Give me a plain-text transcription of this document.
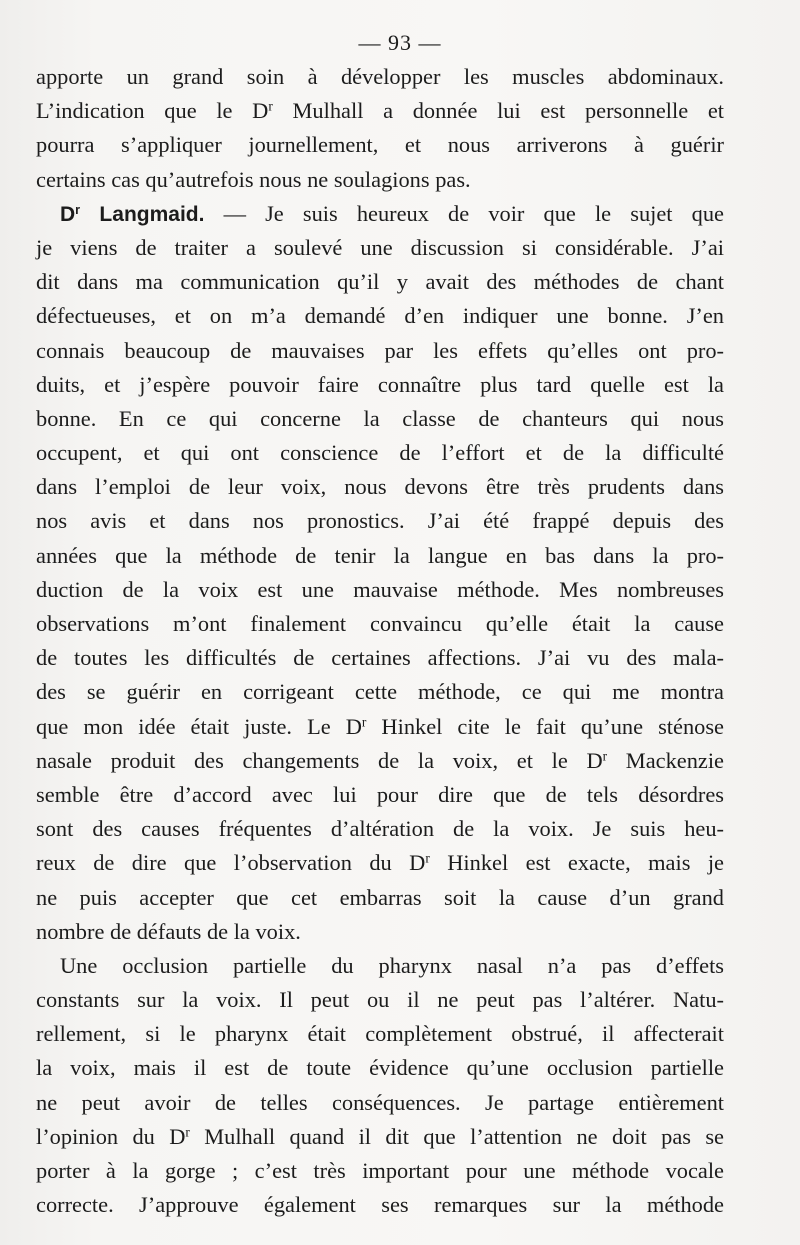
— 93 —
apporte un grand soin à développer les muscles abdominaux.
L’indication que le $D^r$ Mulhall a donnée lui est personnelle et
pourra s’appliquer journellement, et nous arriverons à guérir
certains cas qu’autrefois nous ne soulagions pas.
$D^r$ Langmaid. — Je suis heureux de voir que le sujet que
je viens de traiter a soulevé une discussion si considérable. J’ai
dit dans ma communication qu’il y avait des méthodes de chant
défectueuses, et on m’a demandé d’en indiquer une bonne. J’en
connais beaucoup de mauvaises par les effets qu’elles ont pro-
duits, et j’espère pouvoir faire connaître plus tard quelle est la
bonne. En ce qui concerne la classe de chanteurs qui nous
occupent, et qui ont conscience de l’effort et de la difficulté
dans l’emploi de leur voix, nous devons être très prudents dans
nos avis et dans nos pronostics. J’ai été frappé depuis des
années que la méthode de tenir la langue en bas dans la pro-
duction de la voix est une mauvaise méthode. Mes nombreuses
observations m’ont finalement convaincu qu’elle était la cause
de toutes les difficultés de certaines affections. J’ai vu des mala-
des se guérir en corrigeant cette méthode, ce qui me montra
que mon idée était juste. Le $D^r$ Hinkel cite le fait qu’une sténose
nasale produit des changements de la voix, et le $D^r$ Mackenzie
semble être d’accord avec lui pour dire que de tels désordres
sont des causes fréquentes d’altération de la voix. Je suis heu-
reux de dire que l’observation du $D^r$ Hinkel est exacte, mais je
ne puis accepter que cet embarras soit la cause d’un grand
nombre de défauts de la voix.
Une occlusion partielle du pharynx nasal n’a pas d’effets
constants sur la voix. Il peut ou il ne peut pas l’altérer. Natu-
rellement, si le pharynx était complètement obstrué, il affecterait
la voix, mais il est de toute évidence qu’une occlusion partielle
ne peut avoir de telles conséquences. Je partage entièrement
l’opinion du $D^r$ Mulhall quand il dit que l’attention ne doit pas se
porter à la gorge ; c’est très important pour une méthode vocale
correcte. J’approuve également ses remarques sur la méthode
